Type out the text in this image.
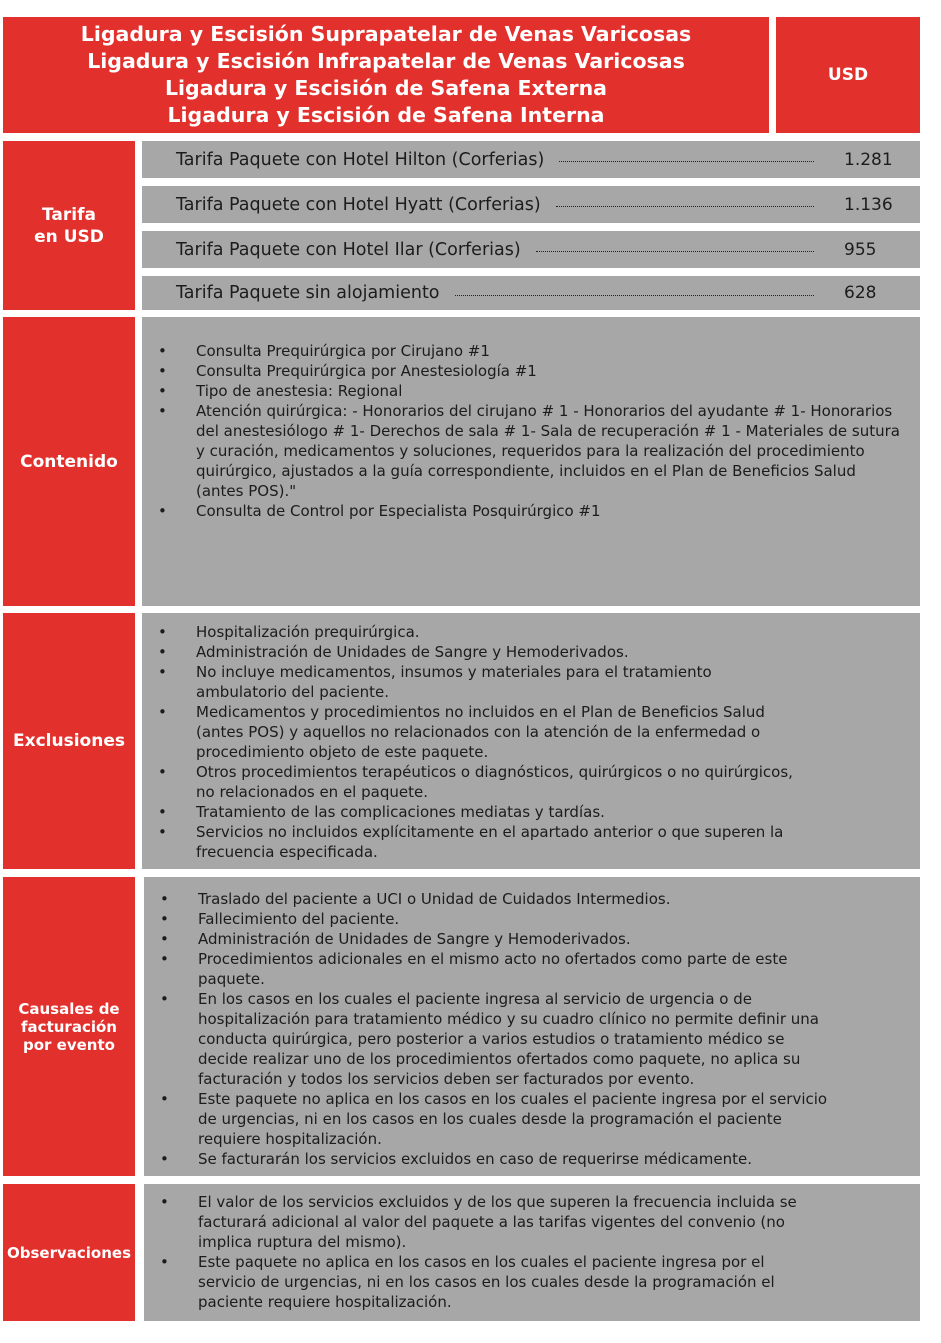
Ligadura y Escisión Suprapatelar de Venas Varicosas
Ligadura y Escisión Infrapatelar de Venas Varicosas
Ligadura y Escisión de Safena Externa
Ligadura y Escisión de Safena Interna
USD
Tarifa
en USD
Tarifa Paquete con Hotel Hilton (Corferias)	1.281
Tarifa Paquete con Hotel Hyatt (Corferias)	1.136
Tarifa Paquete con Hotel Ilar (Corferias)	955
Tarifa Paquete sin alojamiento	628
Contenido
• Consulta Prequirúrgica por Cirujano #1
• Consulta Prequirúrgica por Anestesiología #1
• Tipo de anestesia: Regional
• Atención quirúrgica: - Honorarios del cirujano # 1 - Honorarios del ayudante # 1- Honorarios del anestesiólogo # 1- Derechos de sala # 1- Sala de recuperación # 1 - Materiales de sutura y curación, medicamentos y soluciones, requeridos para la realización del procedimiento quirúrgico, ajustados a la guía correspondiente, incluidos en el Plan de Beneficios Salud (antes POS)."
• Consulta de Control por Especialista Posquirúrgico #1
Exclusiones
• Hospitalización prequirúrgica.
• Administración de Unidades de Sangre y Hemoderivados.
• No incluye medicamentos, insumos y materiales para el tratamiento
ambulatorio del paciente.
• Medicamentos y procedimientos no incluidos en el Plan de Beneficios Salud
(antes POS) y aquellos no relacionados con la atención de la enfermedad o
procedimiento objeto de este paquete.
• Otros procedimientos terapéuticos o diagnósticos, quirúrgicos o no quirúrgicos,
no relacionados en el paquete.
• Tratamiento de las complicaciones mediatas y tardías.
• Servicios no incluidos explícitamente en el apartado anterior o que superen la
frecuencia especificada.
Causales de
facturación
por evento
• Traslado del paciente a UCI o Unidad de Cuidados Intermedios.
• Fallecimiento del paciente.
• Administración de Unidades de Sangre y Hemoderivados.
• Procedimientos adicionales en el mismo acto no ofertados como parte de este
paquete.
• En los casos en los cuales el paciente ingresa al servicio de urgencia o de
hospitalización para tratamiento médico y su cuadro clínico no permite definir una
conducta quirúrgica, pero posterior a varios estudios o tratamiento médico se
decide realizar uno de los procedimientos ofertados como paquete, no aplica su
facturación y todos los servicios deben ser facturados por evento.
• Este paquete no aplica en los casos en los cuales el paciente ingresa por el servicio
de urgencias, ni en los casos en los cuales desde la programación el paciente
requiere hospitalización.
• Se facturarán los servicios excluidos en caso de requerirse médicamente.
Observaciones
• El valor de los servicios excluidos y de los que superen la frecuencia incluida se
facturará adicional al valor del paquete a las tarifas vigentes del convenio (no
implica ruptura del mismo).
• Este paquete no aplica en los casos en los cuales el paciente ingresa por el
servicio de urgencias, ni en los casos en los cuales desde la programación el
paciente requiere hospitalización.
